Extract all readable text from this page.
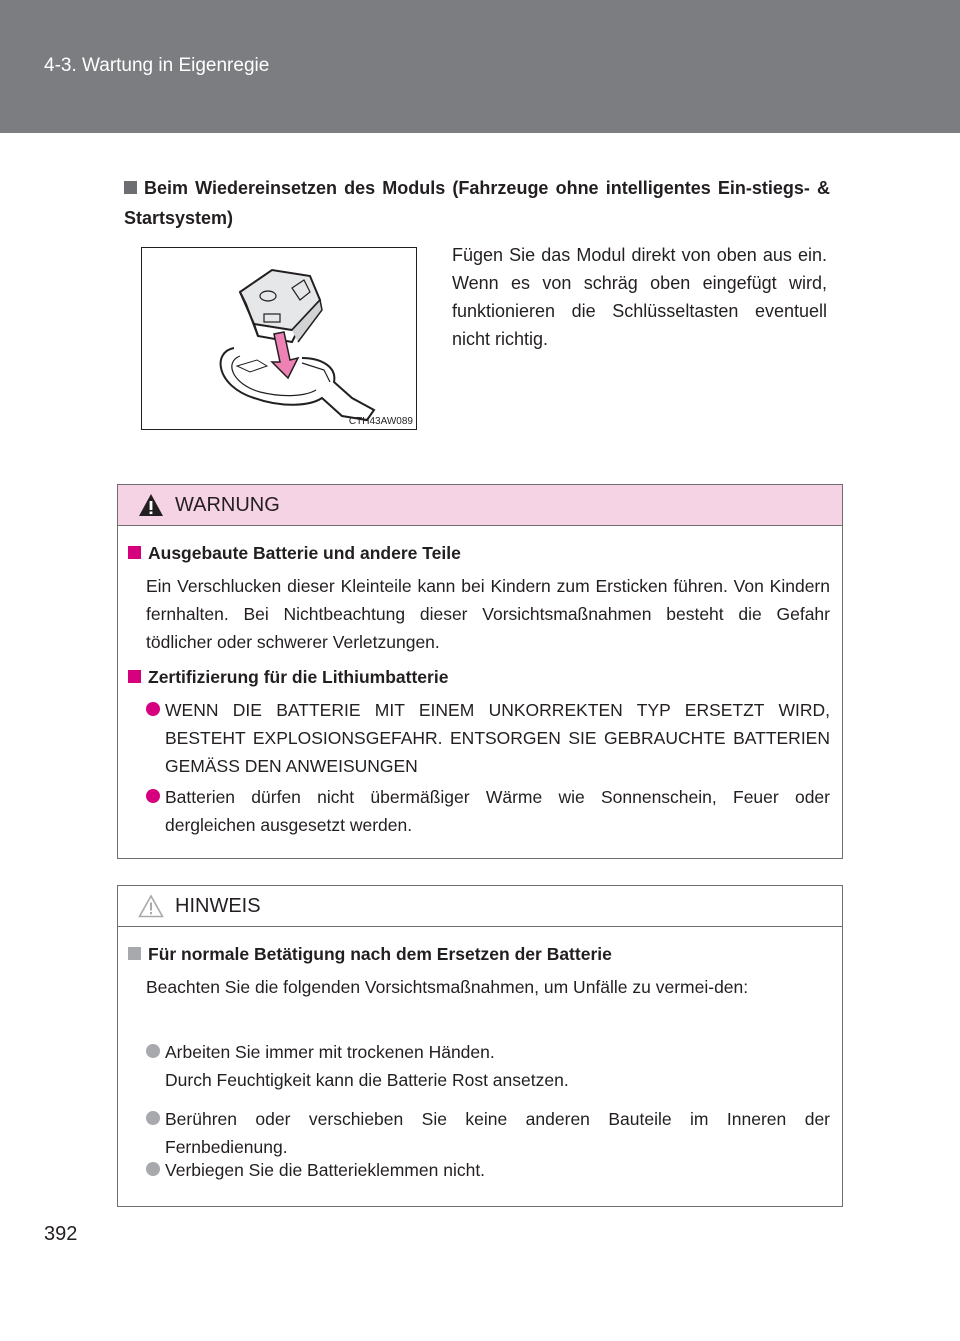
4-3. Wartung in Eigenregie
Beim Wiedereinsetzen des Moduls (Fahrzeuge ohne intelligentes Ein-stiegs- & Startsystem)
CTH43AW089
Fügen Sie das Modul direkt von oben aus ein. Wenn es von schräg oben eingefügt wird, funktionieren die Schlüsseltasten eventuell nicht richtig.
WARNUNG
Ausgebaute Batterie und andere Teile
Ein Verschlucken dieser Kleinteile kann bei Kindern zum Ersticken führen. Von Kindern fernhalten. Bei Nichtbeachtung dieser Vorsichtsmaßnahmen besteht die Gefahr tödlicher oder schwerer Verletzungen.
Zertifizierung für die Lithiumbatterie
WENN DIE BATTERIE MIT EINEM UNKORREKTEN TYP ERSETZT WIRD, BESTEHT EXPLOSIONSGEFAHR. ENTSORGEN SIE GEBRAUCHTE BATTERIEN GEMÄSS DEN ANWEISUNGEN
Batterien dürfen nicht übermäßiger Wärme wie Sonnenschein, Feuer oder dergleichen ausgesetzt werden.
HINWEIS
Für normale Betätigung nach dem Ersetzen der Batterie
Beachten Sie die folgenden Vorsichtsmaßnahmen, um Unfälle zu vermei-den:
Arbeiten Sie immer mit trockenen Händen.
Durch Feuchtigkeit kann die Batterie Rost ansetzen.
Berühren oder verschieben Sie keine anderen Bauteile im Inneren der Fernbedienung.
Verbiegen Sie die Batterieklemmen nicht.
392
